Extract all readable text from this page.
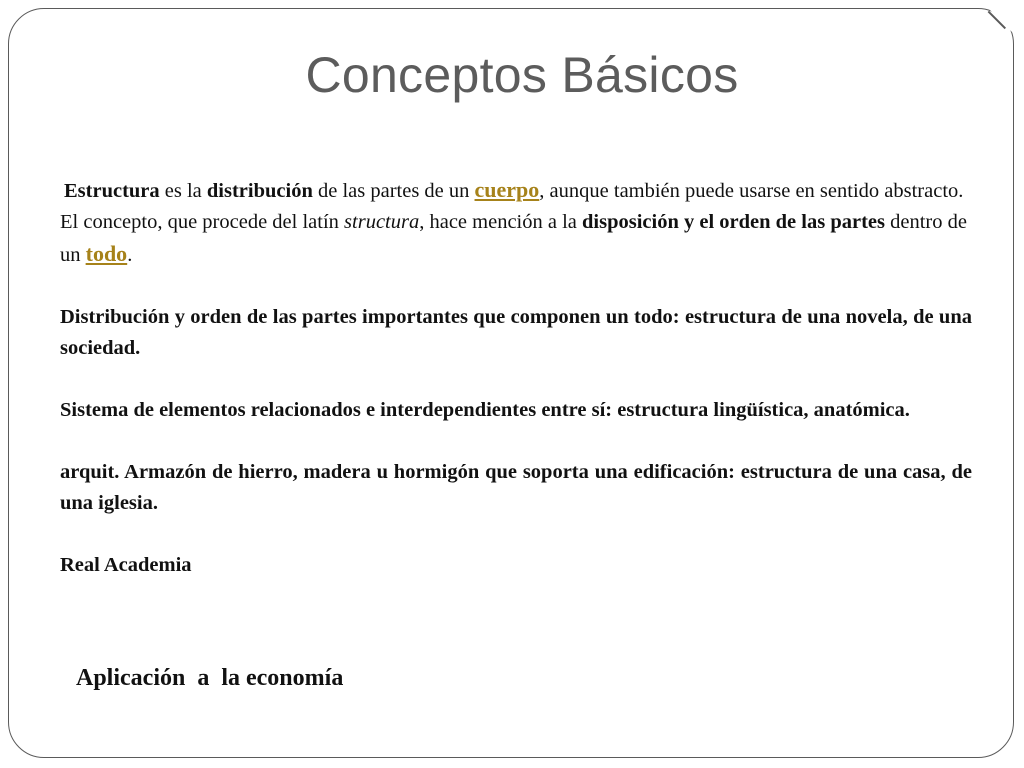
Conceptos Básicos

Estructura es la distribución de las partes de un cuerpo, aunque también puede usarse en sentido abstracto. El concepto, que procede del latín structura, hace mención a la disposición y el orden de las partes dentro de un todo.

Distribución y orden de las partes importantes que componen un todo: estructura de una novela, de una sociedad.

Sistema de elementos relacionados e interdependientes entre sí: estructura lingüística, anatómica.

arquit. Armazón de hierro, madera u hormigón que soporta una edificación: estructura de una casa, de una iglesia.

Real Academia

Aplicación  a  la economía
